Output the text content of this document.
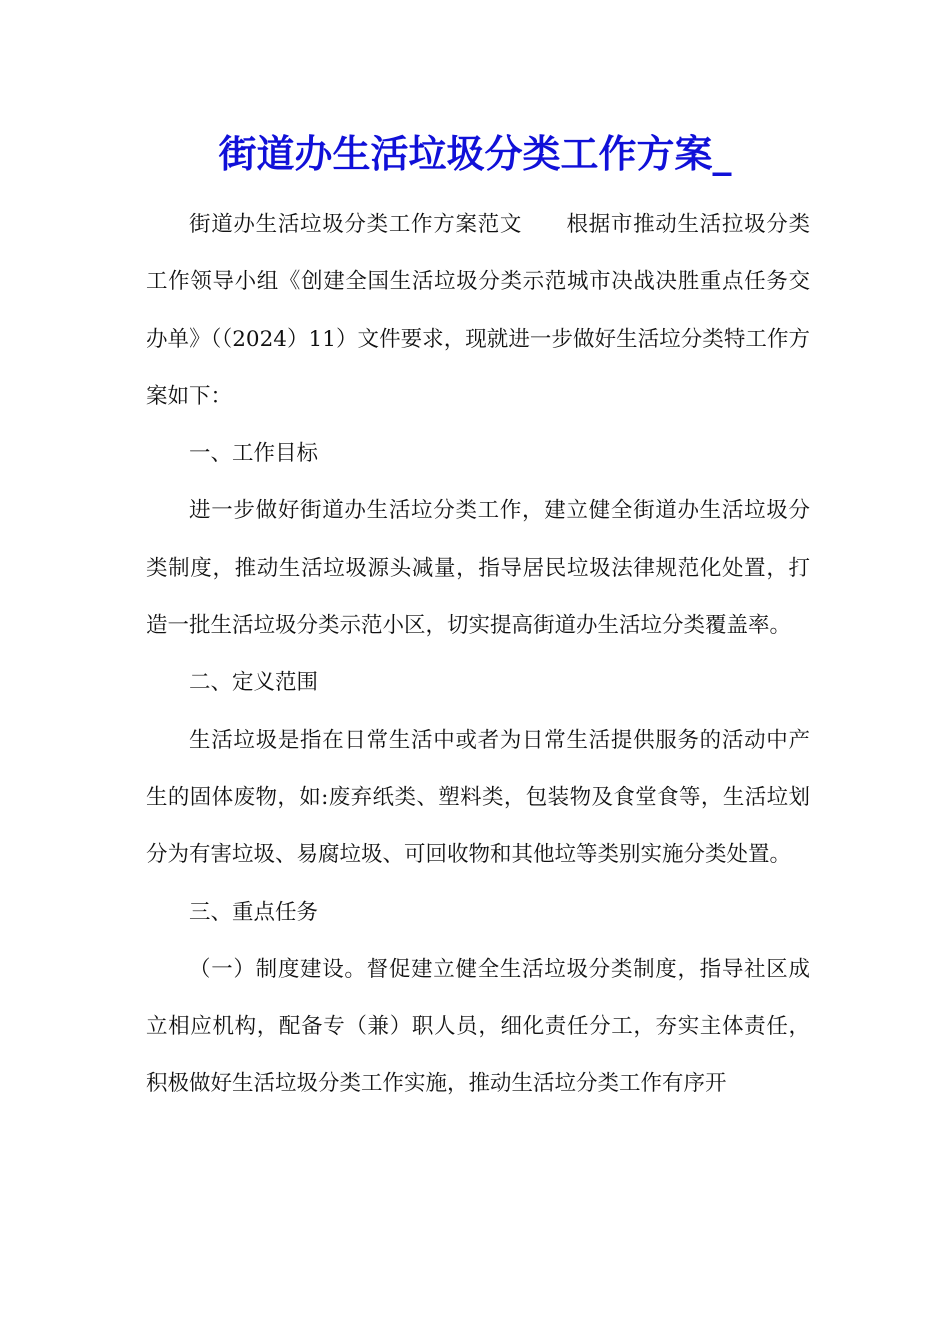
街道办生活垃圾分类工作方案_

街道办生活垃圾分类工作方案范文　　根据市推动生活拉圾分类工作领导小组《创建全国生活垃圾分类示范城市决战决胜重点任务交办单》（（2024）11）文件要求，现就进一步做好生活垃分类特工作方案如下：

一、工作目标

进一步做好街道办生活垃分类工作，建立健全街道办生活垃圾分类制度，推动生活垃圾源头减量，指导居民垃圾法律规范化处置，打造一批生活垃圾分类示范小区，切实提高街道办生活垃分类覆盖率。

二、定义范围

生活垃圾是指在日常生活中或者为日常生活提供服务的活动中产生的固体废物，如:废弃纸类、塑料类，包装物及食堂食等，生活垃划分为有害垃圾、易腐垃圾、可回收物和其他垃等类别实施分类处置。

三、重点任务

（一）制度建设。督促建立健全生活垃圾分类制度，指导社区成立相应机构，配备专（兼）职人员，细化责任分工，夯实主体责任，积极做好生活垃圾分类工作实施，推动生活垃分类工作有序开
